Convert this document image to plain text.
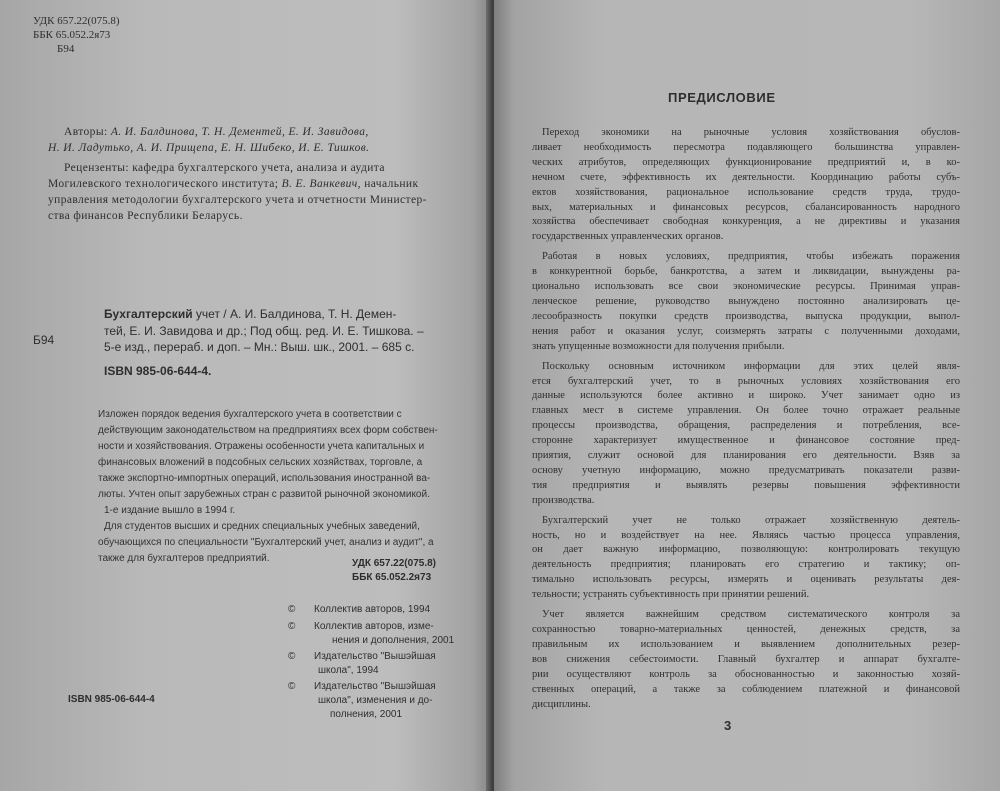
УДК 657.22(075.8)
ББК 65.052.2я73
Б94
Авторы: А. И. Балдинова, Т. Н. Дементей, Е. И. Завидова,
Н. И. Ладутько, А. И. Прищепа, Е. Н. Шибеко, И. Е. Тишков.
Рецензенты: кафедра бухгалтерского учета, анализа и аудита
Могилевского технологического института; В. Е. Ванкевич, начальник
управления методологии бухгалтерского учета и отчетности Министер-
ства финансов Республики Беларусь.
Б94
Бухгалтерский учет / А. И. Балдинова, Т. Н. Демен-
тей, Е. И. Завидова и др.; Под общ. ред. И. Е. Тишкова. –
5-е изд., перераб. и доп. – Мн.: Выш. шк., 2001. – 685 с.
ISBN 985-06-644-4.
Изложен порядок ведения бухгалтерского учета в соответствии с
действующим законодательством на предприятиях всех форм собствен-
ности и хозяйствования. Отражены особенности учета капитальных и
финансовых вложений в подсобных сельских хозяйствах, торговле, а
также экспортно-импортных операций, использования иностранной ва-
люты. Учтен опыт зарубежных стран с развитой рыночной экономикой.
1-е издание вышло в 1994 г.
Для студентов высших и средних специальных учебных заведений,
обучающихся по специальности "Бухгалтерский учет, анализ и аудит", а
также для бухгалтеров предприятий.	УДК 657.22(075.8)
ББК 65.052.2я73
© Коллектив авторов, 1994
© Коллектив авторов, изме-
нения и дополнения, 2001
© Издательство "Вышэйшая
школа", 1994
© Издательство "Вышэйшая
школа", изменения и до-
полнения, 2001
ISBN 985-06-644-4
ПРЕДИСЛОВИЕ

Переход экономики на рыночные условия хозяйствования обуслов-
ливает необходимость пересмотра подавляющего большинства управлен-
ческих атрибутов, определяющих функционирование предприятий и, в ко-
нечном счете, эффективность их деятельности. Координацию работы субъ-
ектов хозяйствования, рациональное использование средств труда, трудо-
вых, материальных и финансовых ресурсов, сбалансированность народного
хозяйства обеспечивает свободная конкуренция, а не директивы и указания
государственных управленческих органов.

Работая в новых условиях, предприятия, чтобы избежать поражения
в конкурентной борьбе, банкротства, а затем и ликвидации, вынуждены ра-
ционально использовать все свои экономические ресурсы. Принимая управ-
ленческое решение, руководство вынуждено постоянно анализировать це-
лесообразность покупки средств производства, выпуска продукции, выпол-
нения работ и оказания услуг, соизмерять затраты с полученными доходами,
знать упущенные возможности для получения прибыли.

Поскольку основным источником информации для этих целей явля-
ется бухгалтерский учет, то в рыночных условиях хозяйствования его
данные используются более активно и широко. Учет занимает одно из
главных мест в системе управления. Он более точно отражает реальные
процессы производства, обращения, распределения и потребления, все-
сторонне характеризует имущественное и финансовое состояние пред-
приятия, служит основой для планирования его деятельности. Взяв за
основу учетную информацию, можно предусматривать показатели разви-
тия предприятия и выявлять резервы повышения эффективности
производства.

Бухгалтерский учет не только отражает хозяйственную деятель-
ность, но и воздействует на нее. Являясь частью процесса управления,
он дает важную информацию, позволяющую: контролировать текущую
деятельность предприятия; планировать его стратегию и тактику; оп-
тимально использовать ресурсы, измерять и оценивать результаты дея-
тельности; устранять субъективность при принятии решений.

Учет является важнейшим средством систематического контроля за
сохранностью товарно-материальных ценностей, денежных средств, за
правильным их использованием и выявлением дополнительных резер-
вов снижения себестоимости. Главный бухгалтер и аппарат бухгалте-
рии осуществляют контроль за обоснованностью и законностью хозяй-
ственных операций, а также за соблюдением платежной и финансовой
дисциплины.

3
